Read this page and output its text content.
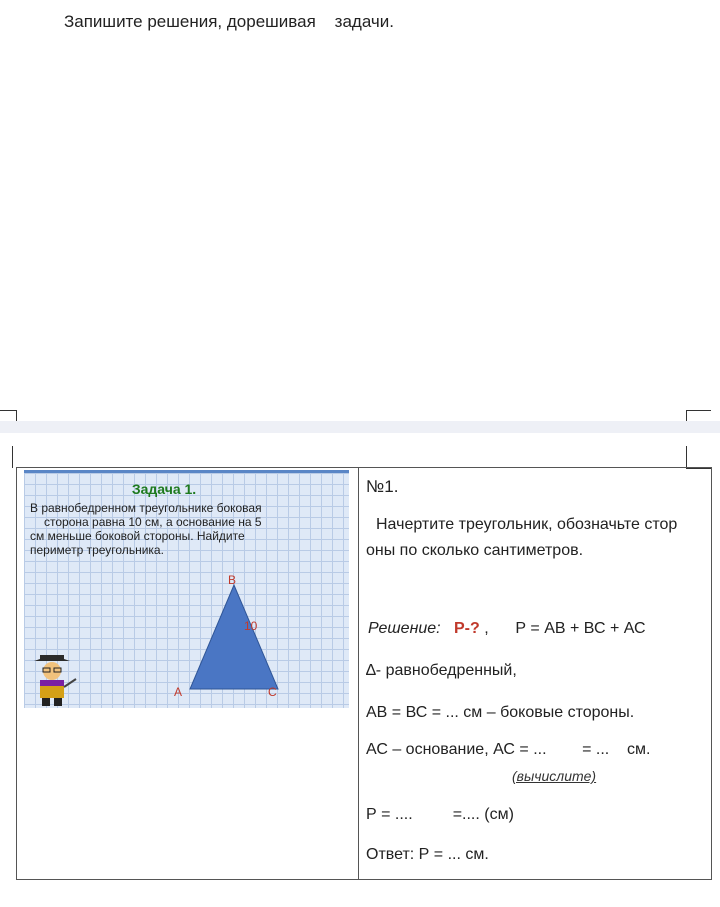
Запишите решения, дорешивая    задачи.
Задача 1.
В равнобедренном треугольнике боковая
сторона равна 10 см, а основание на 5
см меньше боковой стороны. Найдите
периметр треугольника.
B
10
A	C
№1.
Начертите треугольник, обозначьте стор
оны по сколько сантиметров.
Решение: Р-? ,      Р = АВ + ВС + АС
∆- равнобедренный,
АВ = ВС = ... см – боковые стороны.
АС – основание, АС = ...        = ...    см.
(вычислите)
Р = ....         =.... (см)
Ответ: Р = ... см.
